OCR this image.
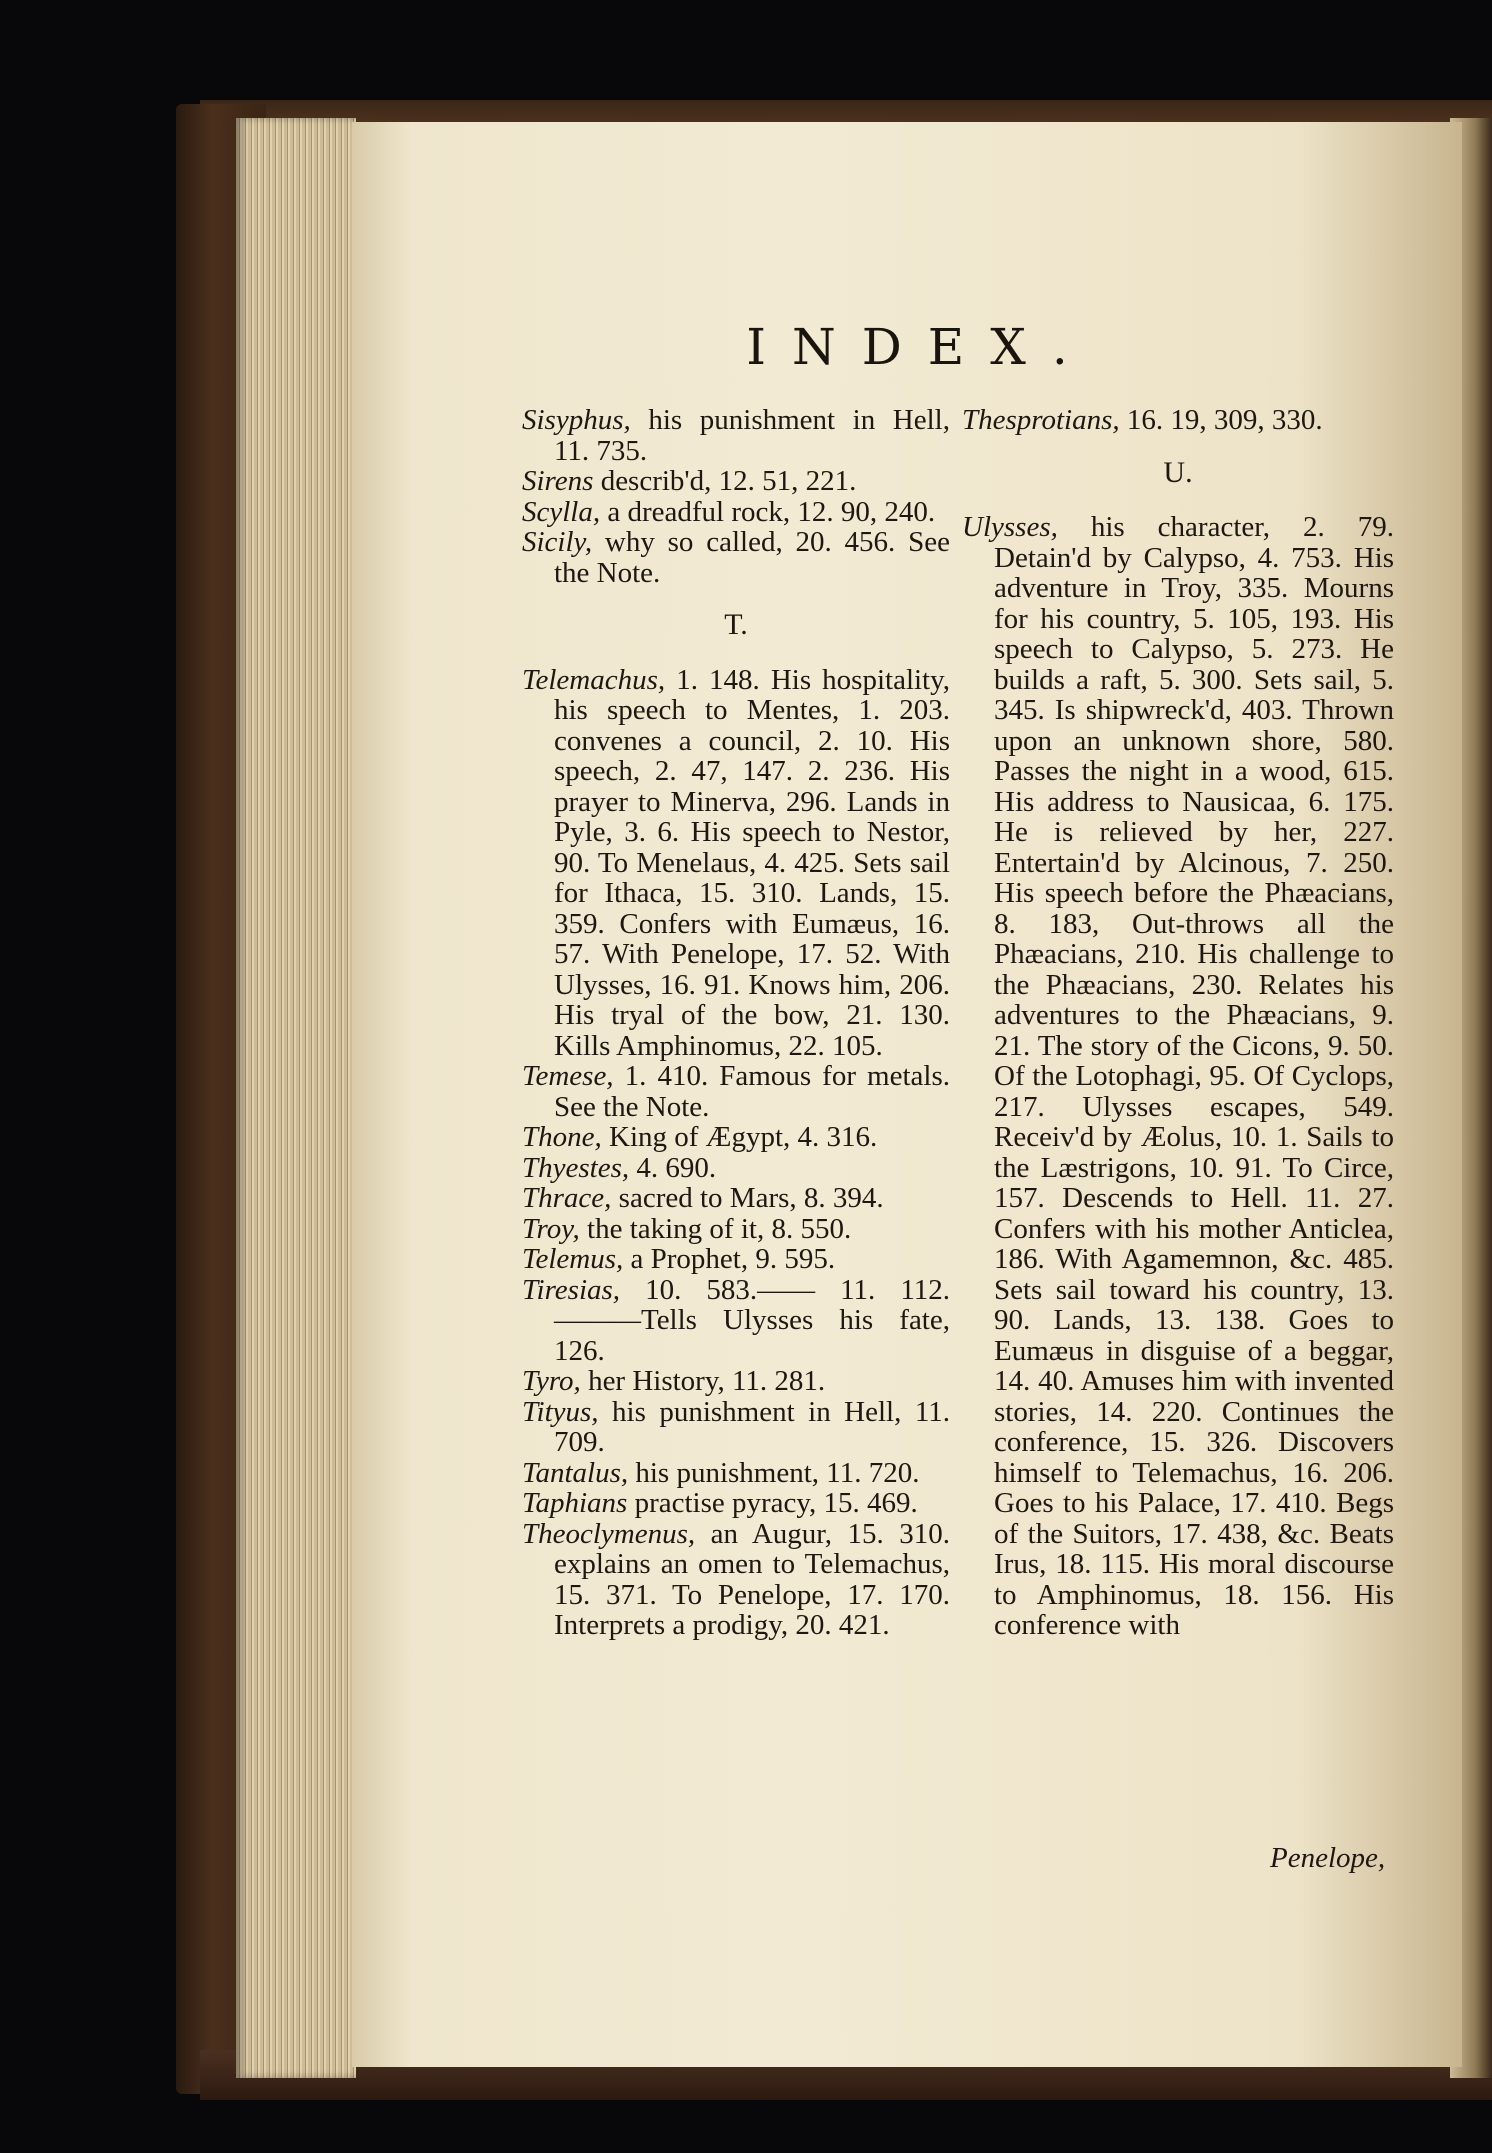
INDEX.

Sisyphus, his punishment in Hell, 11. 735.

Sirens describ'd, 12. 51, 221.

Scylla, a dreadful rock, 12. 90, 240.

Sicily, why so called, 20. 456. See the Note.

T.

Telemachus, 1. 148. His hospitality, his speech to Mentes, 1. 203. convenes a council, 2. 10. His speech, 2. 47, 147. 2. 236. His prayer to Minerva, 296. Lands in Pyle, 3. 6. His speech to Nestor, 90. To Menelaus, 4. 425. Sets sail for Ithaca, 15. 310. Lands, 15. 359. Confers with Eumæus, 16. 57. With Penelope, 17. 52. With Ulysses, 16. 91. Knows him, 206. His tryal of the bow, 21. 130. Kills Amphinomus, 22. 105.

Temese, 1. 410. Famous for metals. See the Note.

Thone, King of Ægypt, 4. 316.

Thyestes, 4. 690.

Thrace, sacred to Mars, 8. 394.

Troy, the taking of it, 8. 550.

Telemus, a Prophet, 9. 595.

Tiresias, 10. 583.—— 11. 112. ———Tells Ulysses his fate, 126.

Tyro, her History, 11. 281.

Tityus, his punishment in Hell, 11. 709.

Tantalus, his punishment, 11. 720.

Taphians practise pyracy, 15. 469.

Theoclymenus, an Augur, 15. 310. explains an omen to Telemachus, 15. 371. To Penelope, 17. 170. Interprets a prodigy, 20. 421.

Thesprotians, 16. 19, 309, 330.

U.

Ulysses, his character, 2. 79. Detain'd by Calypso, 4. 753. His adventure in Troy, 335. Mourns for his country, 5. 105, 193. His speech to Calypso, 5. 273. He builds a raft, 5. 300. Sets sail, 5. 345. Is shipwreck'd, 403. Thrown upon an unknown shore, 580. Passes the night in a wood, 615. His address to Nausicaa, 6. 175. He is relieved by her, 227. Entertain'd by Alcinous, 7. 250. His speech before the Phæacians, 8. 183, Out-throws all the Phæacians, 210. His challenge to the Phæacians, 230. Relates his adventures to the Phæacians, 9. 21. The story of the Cicons, 9. 50. Of the Lotophagi, 95. Of Cyclops, 217. Ulysses escapes, 549. Receiv'd by Æolus, 10. 1. Sails to the Læstrigons, 10. 91. To Circe, 157. Descends to Hell. 11. 27. Confers with his mother Anticlea, 186. With Agamemnon, &c. 485. Sets sail toward his country, 13. 90. Lands, 13. 138. Goes to Eumæus in disguise of a beggar, 14. 40. Amuses him with invented stories, 14. 220. Continues the conference, 15. 326. Discovers himself to Telemachus, 16. 206. Goes to his Palace, 17. 410. Begs of the Suitors, 17. 438, &c. Beats Irus, 18. 115. His moral discourse to Amphinomus, 18. 156. His conference with

Penelope,
